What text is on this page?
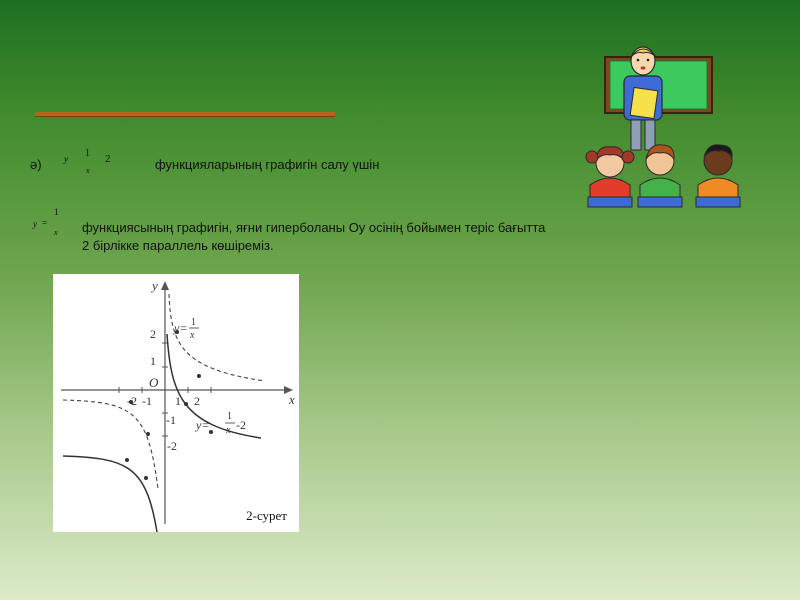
ә) y 1
x
2	функцияларының графигін салу үшін
y =
1
x функциясының графигін, яғни гиперболаны Оу осінің бойымен теріс бағытта 2 бірлікке параллель көшіреміз.
x
y
O
-2 -1 1 2
2
1
-1
-2
y= 1
x
y=
1
x -2
2-сурет
